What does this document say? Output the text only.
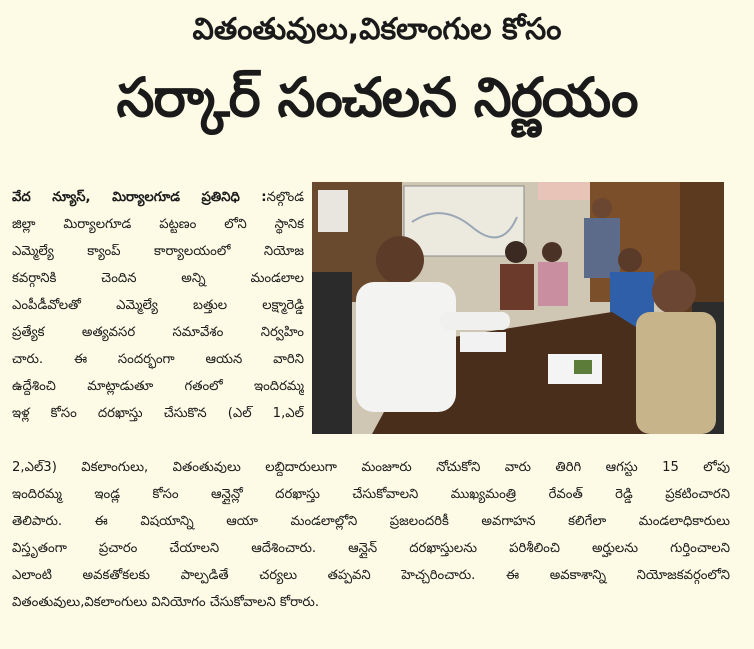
వితంతువులు,వికలాంగుల కోసం
సర్కార్ సంచలన నిర్ణయం

వేద న్యూస్, మిర్యాలగూడ ప్రతినిధి :నల్గొండ

జిల్లా మిర్యాలగూడ పట్టణం లోని స్థానిక

ఎమ్మెల్యే క్యాంప్ కార్యాలయంలో నియోజ

కవర్గానికి చెందిన అన్ని మండలాల

ఎంపీడీవోలతో ఎమ్మెల్యే బత్తుల లక్ష్మారెడ్డి

ప్రత్యేక అత్యవసర సమావేశం నిర్వహిం

చారు. ఈ సందర్భంగా ఆయన వారిని

ఉద్దేశించి మాట్లాడుతూ గతంలో ఇందిరమ్మ

ఇళ్ల కోసం దరఖాస్తు చేసుకొన (ఎల్ 1,ఎల్

2,ఎల్3) వికలాంగులు, వితంతువులు లబ్దిదారులుగా మంజూరు నోచుకోని వారు తిరిగి ఆగస్టు 15 లోపు

ఇందిరమ్మ ఇండ్ల కోసం ఆన్లైన్లో దరఖాస్తు చేసుకోవాలని ముఖ్యమంత్రి రేవంత్ రెడ్డి ప్రకటించారని

తెలిపారు. ఈ విషయాన్ని ఆయా మండలాల్లోని ప్రజలందరికీ అవగాహన కలిగేలా మండలాధికారులు

విస్తృతంగా ప్రచారం చేయాలని ఆదేశించారు. ఆన్లైన్ దరఖాస్తులను పరిశీలించి అర్హులను గుర్తించాలని

ఎలాంటి అవకతోకలకు పాల్పడితే చర్యలు తప్పవని హెచ్చరించారు. ఈ అవకాశాన్ని నియోజకవర్గంలోని

వితంతువులు,వికలాంగులు వినియోగం చేసుకోవాలని కోరారు.
